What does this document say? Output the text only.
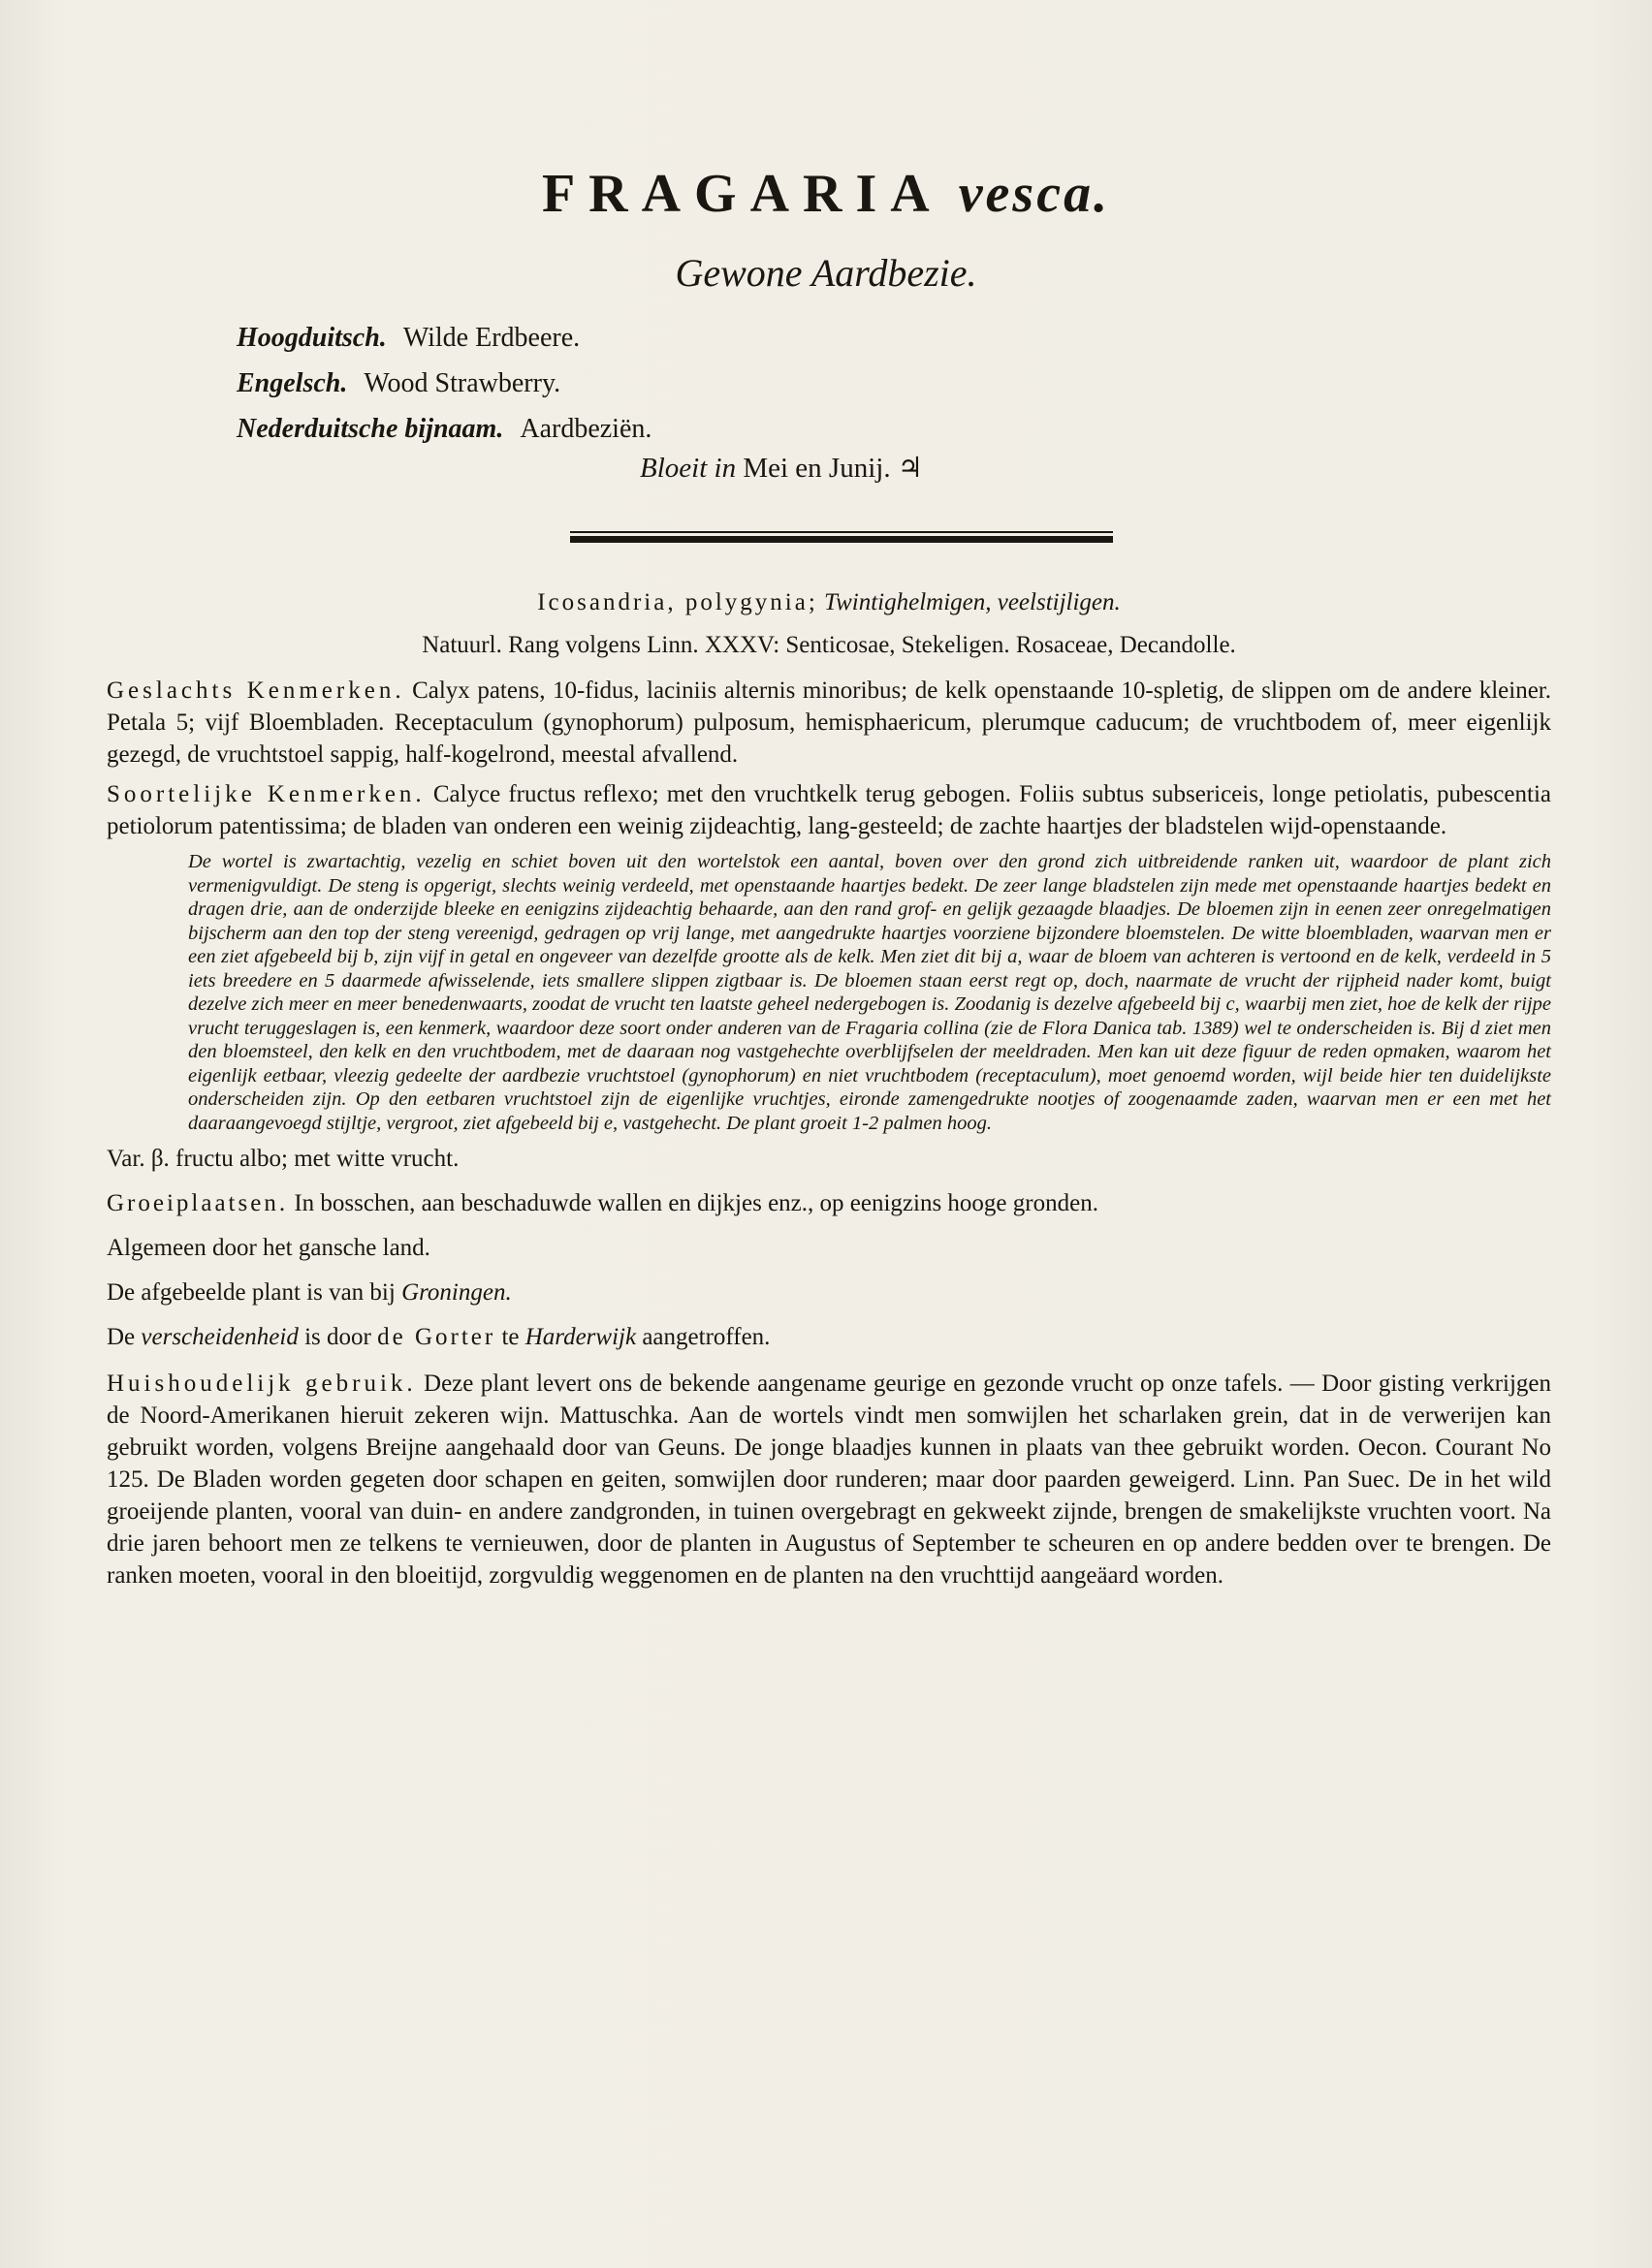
FRAGARIA vesca.
Gewone Aardbezie.
Hoogduitsch. Wilde Erdbeere.
Engelsch. Wood Strawberry.
Nederduitsche bijnaam. Aardbeziën.
Bloeit in Mei en Junij. ♃
Icosandria, polygynia; Twintighelmigen, veelstijligen.
Natuurl. Rang volgens Linn. XXXV: Senticosae, Stekeligen. Rosaceae, Decandolle.
Geslachts Kenmerken. Calyx patens, 10-fidus, laciniis alternis minoribus; de kelk openstaande 10-spletig, de slippen om de andere kleiner. Petala 5; vijf Bloembladen. Receptaculum (gynophorum) pulposum, hemisphaericum, plerumque caducum; de vruchtbodem of, meer eigenlijk gezegd, de vruchtstoel sappig, half-kogelrond, meestal afvallend.
Soortelijke Kenmerken. Calyce fructus reflexo; met den vruchtkelk terug gebogen. Foliis subtus subsericeis, longe petiolatis, pubescentia petiolorum patentissima; de bladen van onderen een weinig zijdeachtig, lang-gesteeld; de zachte haartjes der bladstelen wijd-openstaande.
De wortel is zwartachtig, vezelig en schiet boven uit den wortelstok een aantal, boven over den grond zich uitbreidende ranken uit, waardoor de plant zich vermenigvuldigt. De steng is opgerigt, slechts weinig verdeeld, met openstaande haartjes bedekt. De zeer lange bladstelen zijn mede met openstaande haartjes bedekt en dragen drie, aan de onderzijde bleeke en eenigzins zijdeachtig behaarde, aan den rand grof- en gelijk gezaagde blaadjes. De bloemen zijn in eenen zeer onregelmatigen bijscherm aan den top der steng vereenigd, gedragen op vrij lange, met aangedrukte haartjes voorziene bijzondere bloemstelen. De witte bloembladen, waarvan men er een ziet afgebeeld bij b, zijn vijf in getal en ongeveer van dezelfde grootte als de kelk. Men ziet dit bij a, waar de bloem van achteren is vertoond en de kelk, verdeeld in 5 iets breedere en 5 daarmede afwisselende, iets smallere slippen zigtbaar is. De bloemen staan eerst regt op, doch, naarmate de vrucht der rijpheid nader komt, buigt dezelve zich meer en meer benedenwaarts, zoodat de vrucht ten laatste geheel nedergebogen is. Zoodanig is dezelve afgebeeld bij c, waarbij men ziet, hoe de kelk der rijpe vrucht teruggeslagen is, een kenmerk, waardoor deze soort onder anderen van de Fragaria collina (zie de Flora Danica tab. 1389) wel te onderscheiden is. Bij d ziet men den bloemsteel, den kelk en den vruchtbodem, met de daaraan nog vastgehechte overblijfselen der meeldraden. Men kan uit deze figuur de reden opmaken, waarom het eigenlijk eetbaar, vleezig gedeelte der aardbezie vruchtstoel (gynophorum) en niet vruchtbodem (receptaculum), moet genoemd worden, wijl beide hier ten duidelijkste onderscheiden zijn. Op den eetbaren vruchtstoel zijn de eigenlijke vruchtjes, eironde zamengedrukte nootjes of zoogenaamde zaden, waarvan men er een met het daaraangevoegd stijltje, vergroot, ziet afgebeeld bij e, vastgehecht. De plant groeit 1-2 palmen hoog.
Var. β. fructu albo; met witte vrucht.
Groeiplaatsen. In bosschen, aan beschaduwde wallen en dijkjes enz., op eenigzins hooge gronden.
Algemeen door het gansche land.
De afgebeelde plant is van bij Groningen.
De verscheidenheid is door de Gorter te Harderwijk aangetroffen.
Huishoudelijk gebruik. Deze plant levert ons de bekende aangename geurige en gezonde vrucht op onze tafels. — Door gisting verkrijgen de Noord-Amerikanen hieruit zekeren wijn. Mattuschka. Aan de wortels vindt men somwijlen het scharlaken grein, dat in de verwerijen kan gebruikt worden, volgens Breijne aangehaald door van Geuns. De jonge blaadjes kunnen in plaats van thee gebruikt worden. Oecon. Courant No 125. De Bladen worden gegeten door schapen en geiten, somwijlen door runderen; maar door paarden geweigerd. Linn. Pan Suec. De in het wild groeijende planten, vooral van duin- en andere zandgronden, in tuinen overgebragt en gekweekt zijnde, brengen de smakelijkste vruchten voort. Na drie jaren behoort men ze telkens te vernieuwen, door de planten in Augustus of September te scheuren en op andere bedden over te brengen. De ranken moeten, vooral in den bloeitijd, zorgvuldig weggenomen en de planten na den vruchttijd aangeäard worden.
